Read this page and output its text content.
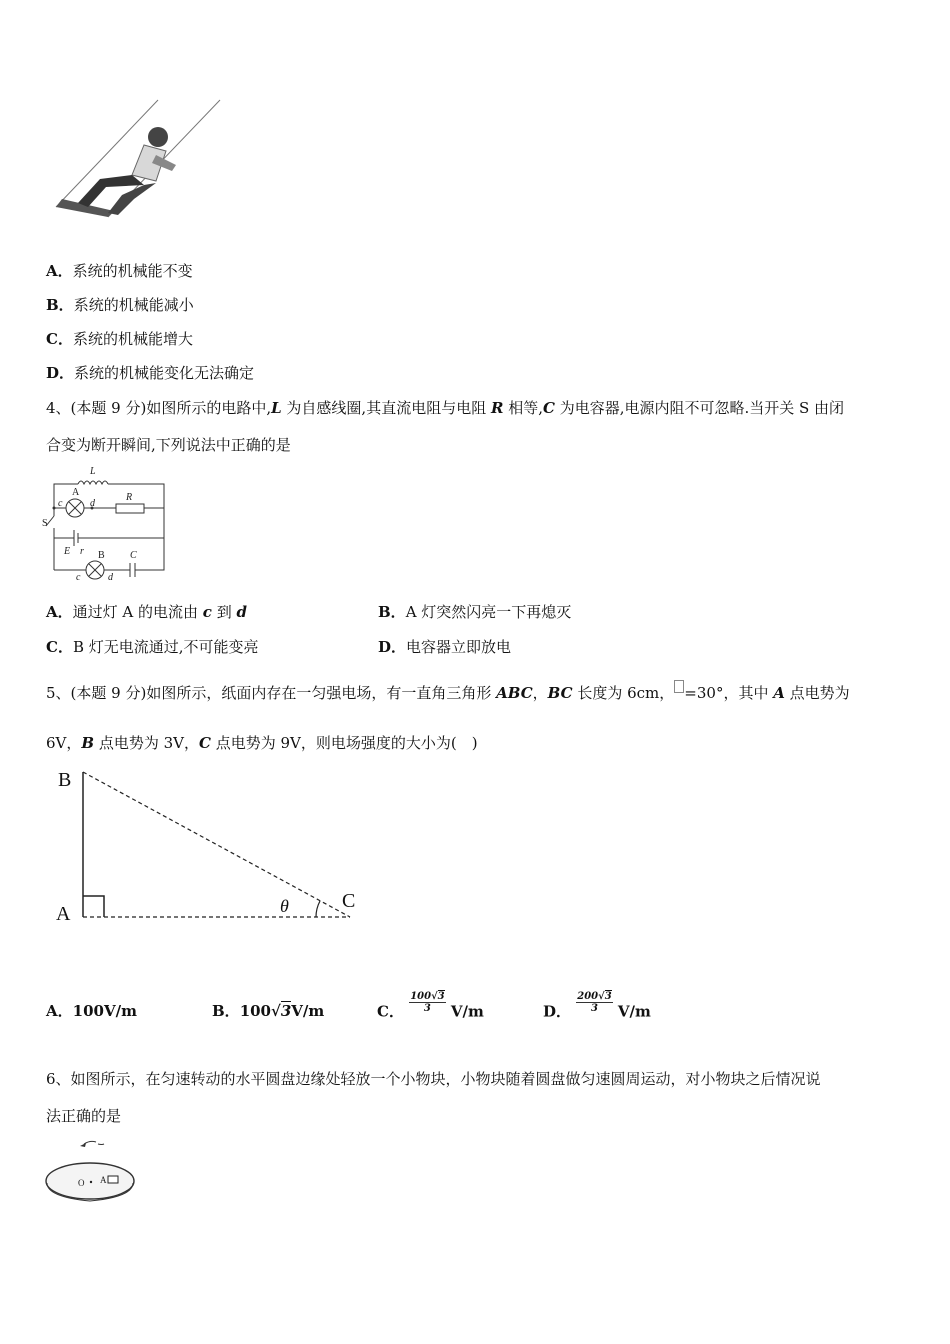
A．系统的机械能不变
B．系统的机械能减小
C．系统的机械能增大
D．系统的机械能变化无法确定
4、(本题 9 分)如图所示的电路中,L 为自感线圈,其直流电阻与电阻 R 相等,C 为电容器,电源内阻不可忽略.当开关 S 由闭
合变为断开瞬间,下列说法中正确的是
L
A
c	d
R
S
E r B	C
c	d
A．通过灯 A 的电流由 c 到 d	B．A 灯突然闪亮一下再熄灭
C．B 灯无电流通过,不可能变亮	D．电容器立即放电
5、(本题 9 分)如图所示，纸面内存在一匀强电场，有一直角三角形 ABC，BC 长度为 6cm， =30°，其中 A 点电势为
6V，B 点电势为 3V，C 点电势为 9V，则电场强度的大小为(　)
B
A
C
θ
A．100V/m	B．100√3V/m	C． $\frac{100√3}{3} V/m$	D． $\frac{200√3}{3} V/m$
6、如图所示，在匀速转动的水平圆盘边缘处轻放一个小物块，小物块随着圆盘做匀速圆周运动，对小物块之后情况说
法正确的是
O A
